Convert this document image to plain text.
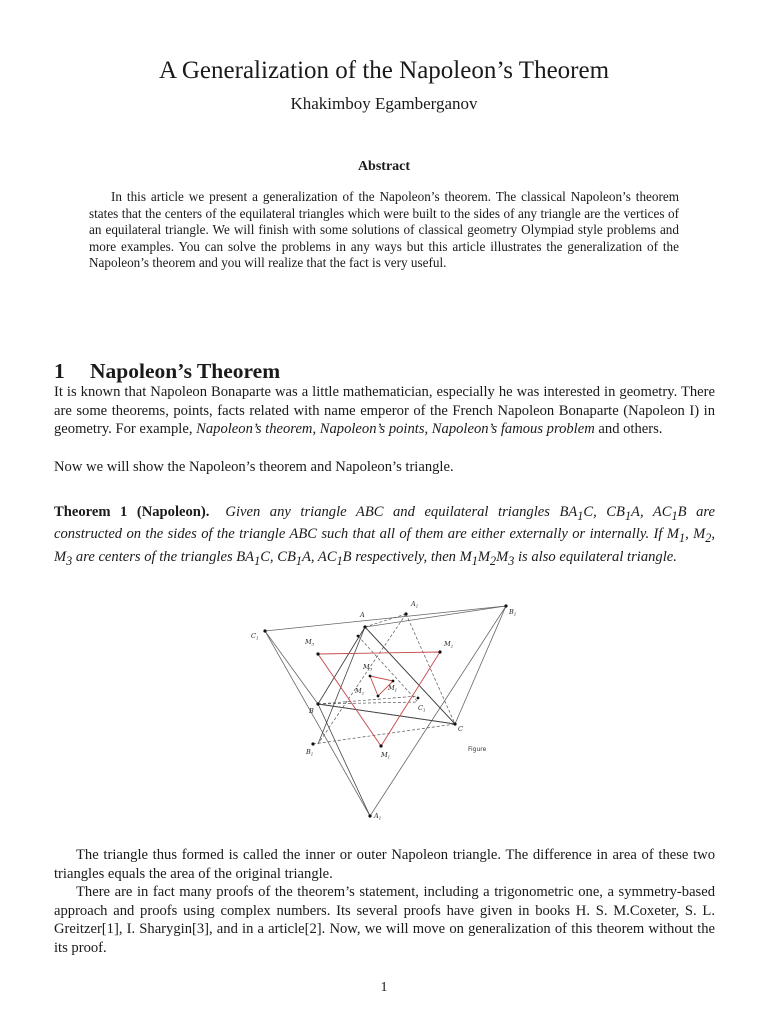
A Generalization of the Napoleon’s Theorem
Khakimboy Egamberganov
Abstract

In this article we present a generalization of the Napoleon’s theorem. The classical Napoleon’s theorem states that the centers of the equilateral triangles which were built to the sides of any triangle are the vertices of an equilateral triangle. We will finish with some solutions of classical geometry Olympiad style problems and more examples. You can solve the problems in any ways but this article illustrates the generalization of the Napoleon’s theorem and you will realize that the fact is very useful.

1 Napoleon’s Theorem

It is known that Napoleon Bonaparte was a little mathematician, especially he was interested in geometry. There are some theorems, points, facts related with name emperor of the French Napoleon Bonaparte (Napoleon I) in geometry. For example, Napoleon’s theorem, Napoleon’s points, Napoleon’s famous problem and others.

Now we will show the Napoleon’s theorem and Napoleon’s triangle.

Theorem 1 (Napoleon). Given any triangle ABC and equilateral triangles $BA_1C$, $CB_1A$, $AC_1B$ are constructed on the sides of the triangle ABC such that all of them are either externally or internally. If $M_1$, $M_2$, $M_3$ are centers of the triangles $BA_1C$, $CB_1A$, $AC_1B$ respectively, then $M_1M_2M_3$ is also equilateral triangle.

A
B
C
$C_1$
$B_1$
$A_1$
$A_1$
$B_1$
$C_1$
$M_3$	$M_2$
$M_1$
$M_3$
$M_1$
$M_2$
Figure

The triangle thus formed is called the inner or outer Napoleon triangle. The difference in area of these two triangles equals the area of the original triangle.

There are in fact many proofs of the theorem’s statement, including a trigonometric one, a symmetry-based approach and proofs using complex numbers. Its several proofs have given in books H. S. M.Coxeter, S. L. Greitzer[1], I. Sharygin[3], and in a article[2]. Now, we will move on generalization of this theorem without the its proof.

1
